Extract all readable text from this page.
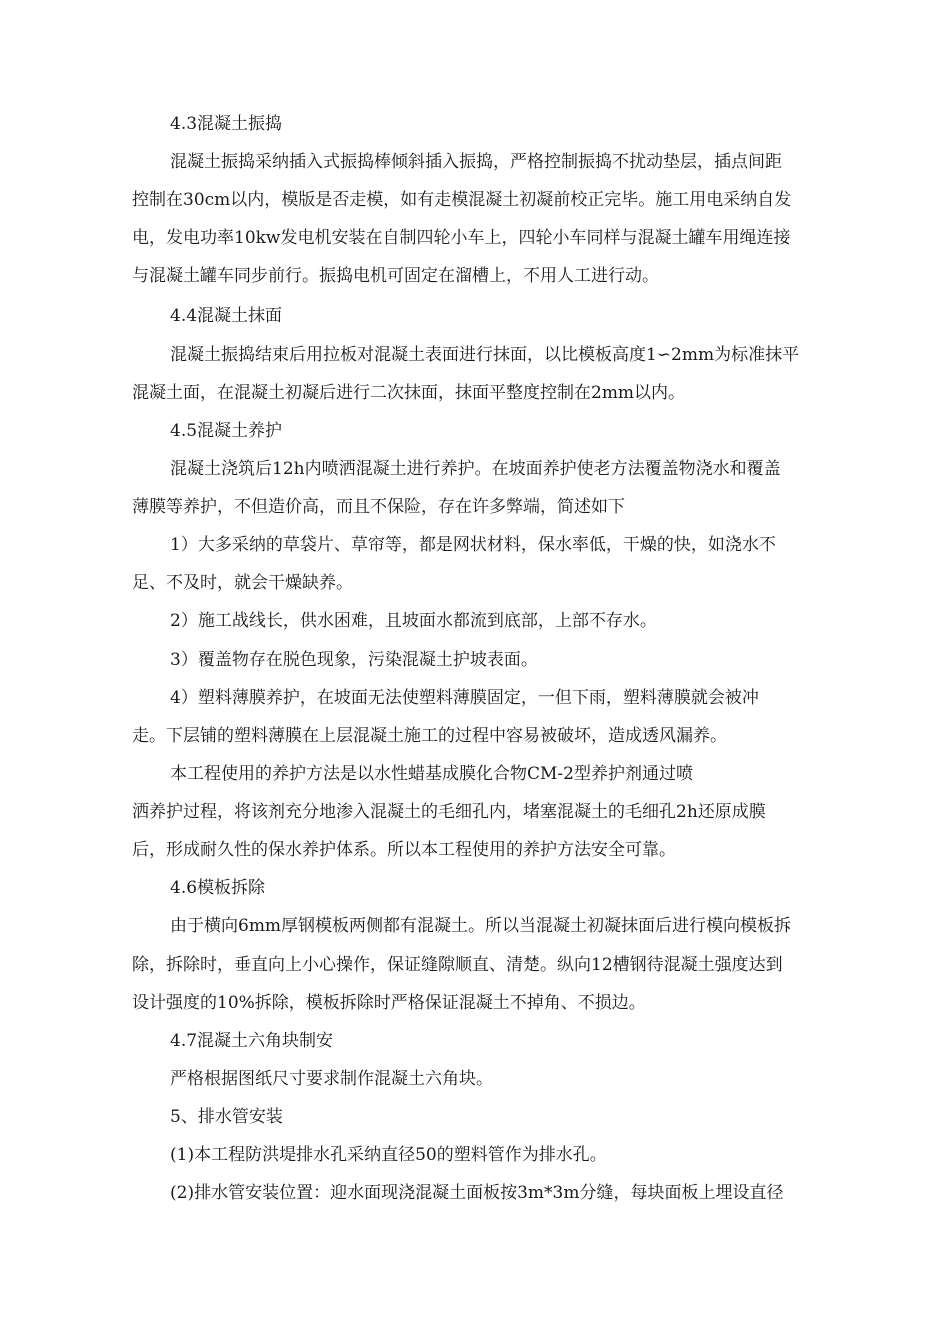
4.3混凝土振捣
混凝土振捣采纳插入式振捣棒倾斜插入振捣，严格控制振捣不扰动垫层，插点间距
控制在30cm以内，模版是否走模，如有走模混凝土初凝前校正完毕。施工用电采纳自发
电，发电功率10kw发电机安装在自制四轮小车上，四轮小车同样与混凝土罐车用绳连接
与混凝土罐车同步前行。振捣电机可固定在溜槽上，不用人工进行动。
4.4混凝土抹面
混凝土振捣结束后用拉板对混凝土表面进行抹面，以比模板高度1∽2mm为标准抹平
混凝土面，在混凝土初凝后进行二次抹面，抹面平整度控制在2mm以内。
4.5混凝土养护
混凝土浇筑后12h内喷洒混凝土进行养护。在坡面养护使老方法覆盖物浇水和覆盖
薄膜等养护，不但造价高，而且不保险，存在许多弊端，简述如下
1）大多采纳的草袋片、草帘等，都是网状材料，保水率低，干燥的快，如浇水不
足、不及时，就会干燥缺养。
2）施工战线长，供水困难，且坡面水都流到底部，上部不存水。
3）覆盖物存在脱色现象，污染混凝土护坡表面。
4）塑料薄膜养护，在坡面无法使塑料薄膜固定，一但下雨，塑料薄膜就会被冲
走。下层铺的塑料薄膜在上层混凝土施工的过程中容易被破坏，造成透风漏养。
本工程使用的养护方法是以水性蜡基成膜化合物CM-2型养护剂通过喷
洒养护过程，将该剂充分地渗入混凝土的毛细孔内，堵塞混凝土的毛细孔2h还原成膜
后，形成耐久性的保水养护体系。所以本工程使用的养护方法安全可靠。
4.6模板拆除
由于横向6mm厚钢模板两侧都有混凝土。所以当混凝土初凝抹面后进行模向模板拆
除，拆除时，垂直向上小心操作，保证缝隙顺直、清楚。纵向12槽钢待混凝土强度达到
设计强度的10%拆除，模板拆除时严格保证混凝土不掉角、不损边。
4.7混凝土六角块制安
严格根据图纸尺寸要求制作混凝土六角块。
5、排水管安装
(1)本工程防洪堤排水孔采纳直径50的塑料管作为排水孔。
(2)排水管安装位置：迎水面现浇混凝土面板按3m*3m分缝，每块面板上埋设直径
